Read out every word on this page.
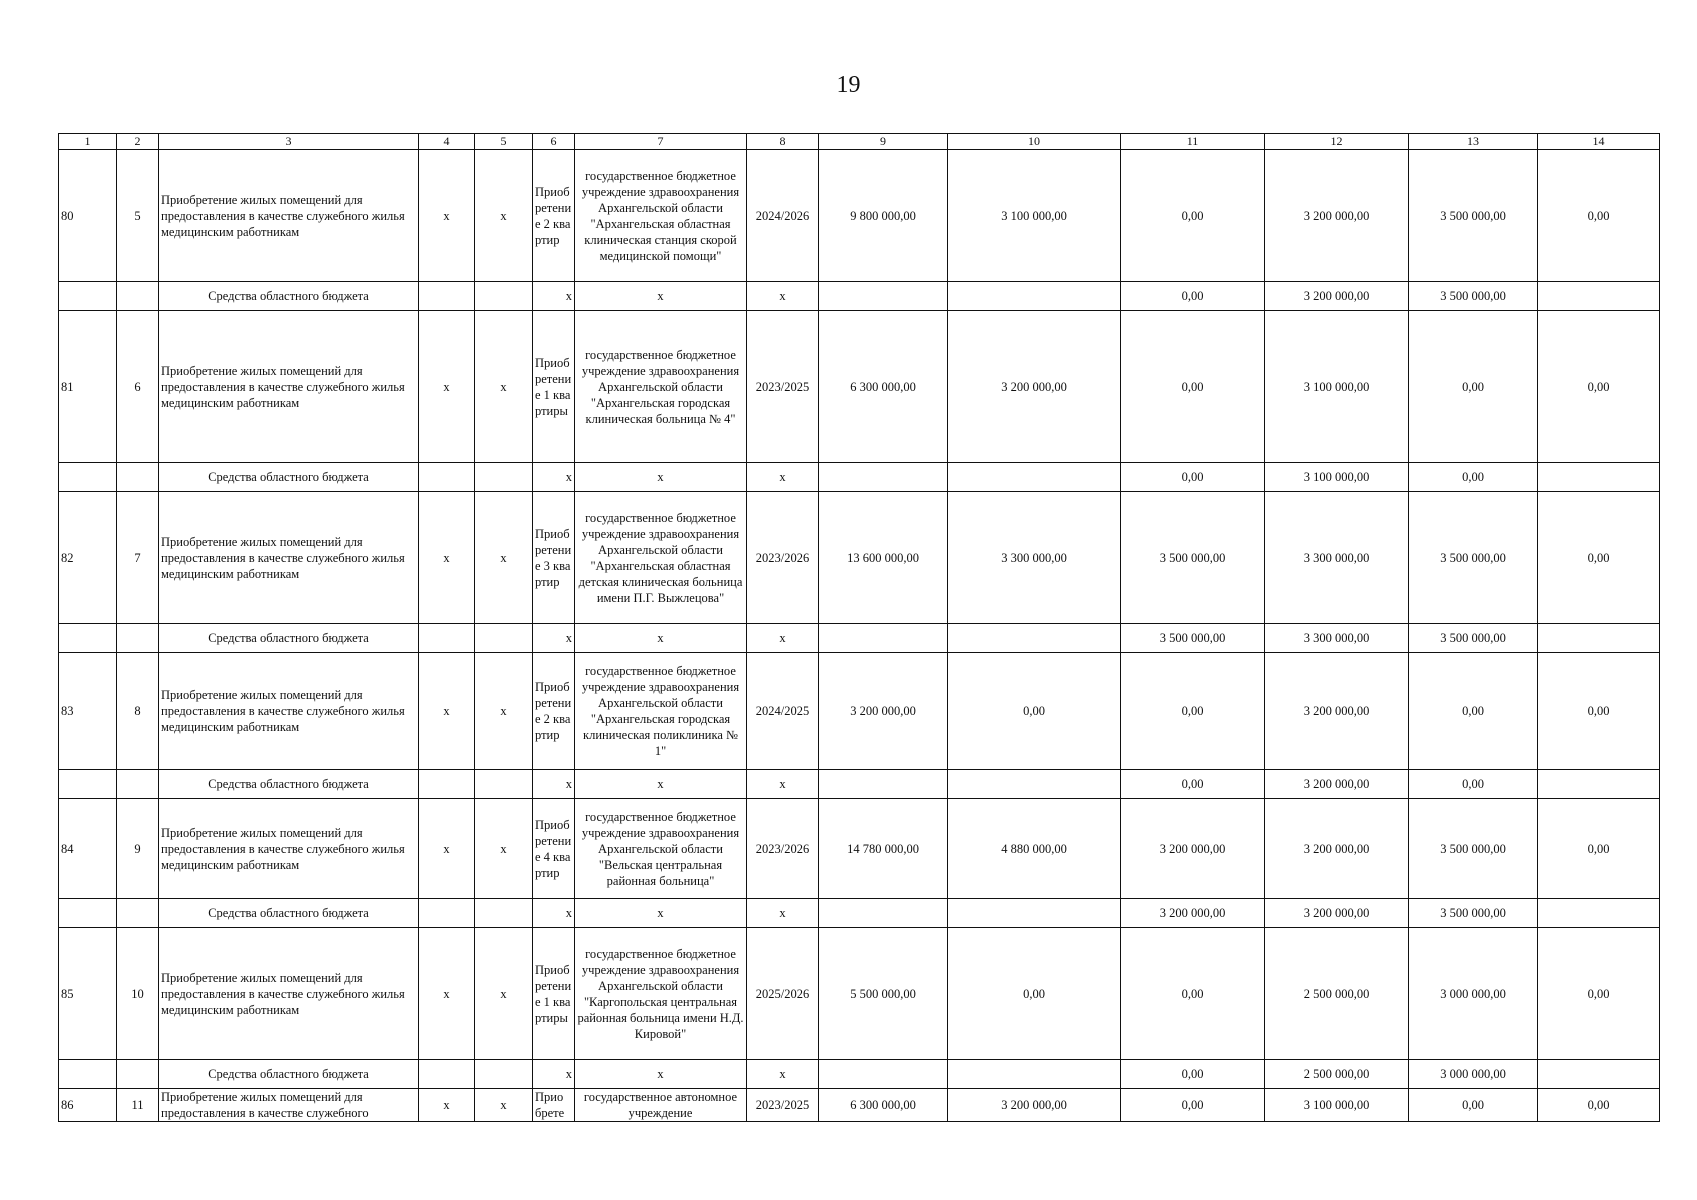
19
1	2	3	4	5	6	7	8	9	10	11	12	13	14
80	5	Приобретение жилых помещений для предоставления в качестве служебного жилья медицинским работникам	х	х	Приобретение 2 квартир	государственное бюджетное учреждение здравоохранения Архангельской области "Архангельская областная клиническая станция скорой медицинской помощи"	2024/2026	9 800 000,00	3 100 000,00	0,00	3 200 000,00	3 500 000,00	0,00
		Средства областного бюджета			х	х	х			0,00	3 200 000,00	3 500 000,00	
81	6	Приобретение жилых помещений для предоставления в качестве служебного жилья медицинским работникам	х	х	Приобретение 1 квартиры	государственное бюджетное учреждение здравоохранения Архангельской области "Архангельская городская клиническая больница № 4"	2023/2025	6 300 000,00	3 200 000,00	0,00	3 100 000,00	0,00	0,00
		Средства областного бюджета			х	х	х			0,00	3 100 000,00	0,00	
82	7	Приобретение жилых помещений для предоставления в качестве служебного жилья медицинским работникам	х	х	Приобретение 3 квартир	государственное бюджетное учреждение здравоохранения Архангельской области "Архангельская областная детская клиническая больница имени П.Г. Выжлецова"	2023/2026	13 600 000,00	3 300 000,00	3 500 000,00	3 300 000,00	3 500 000,00	0,00
		Средства областного бюджета			х	х	х			3 500 000,00	3 300 000,00	3 500 000,00	
83	8	Приобретение жилых помещений для предоставления в качестве служебного жилья медицинским работникам	х	х	Приобретение 2 квартир	государственное бюджетное учреждение здравоохранения Архангельской области "Архангельская городская клиническая поликлиника № 1"	2024/2025	3 200 000,00	0,00	0,00	3 200 000,00	0,00	0,00
		Средства областного бюджета			х	х	х			0,00	3 200 000,00	0,00	
84	9	Приобретение жилых помещений для предоставления в качестве служебного жилья медицинским работникам	х	х	Приобретение 4 квартир	государственное бюджетное учреждение здравоохранения Архангельской области "Вельская центральная районная больница"	2023/2026	14 780 000,00	4 880 000,00	3 200 000,00	3 200 000,00	3 500 000,00	0,00
		Средства областного бюджета			х	х	х			3 200 000,00	3 200 000,00	3 500 000,00	
85	10	Приобретение жилых помещений для предоставления в качестве служебного жилья медицинским работникам	х	х	Приобретение 1 квартиры	государственное бюджетное учреждение здравоохранения Архангельской области "Каргопольская центральная районная больница имени Н.Д. Кировой"	2025/2026	5 500 000,00	0,00	0,00	2 500 000,00	3 000 000,00	0,00
		Средства областного бюджета			х	х	х			0,00	2 500 000,00	3 000 000,00	
86	11	Приобретение жилых помещений для предоставления в качестве служебного	х	х	Прио брете	государственное автономное учреждение	2023/2025	6 300 000,00	3 200 000,00	0,00	3 100 000,00	0,00	0,00
